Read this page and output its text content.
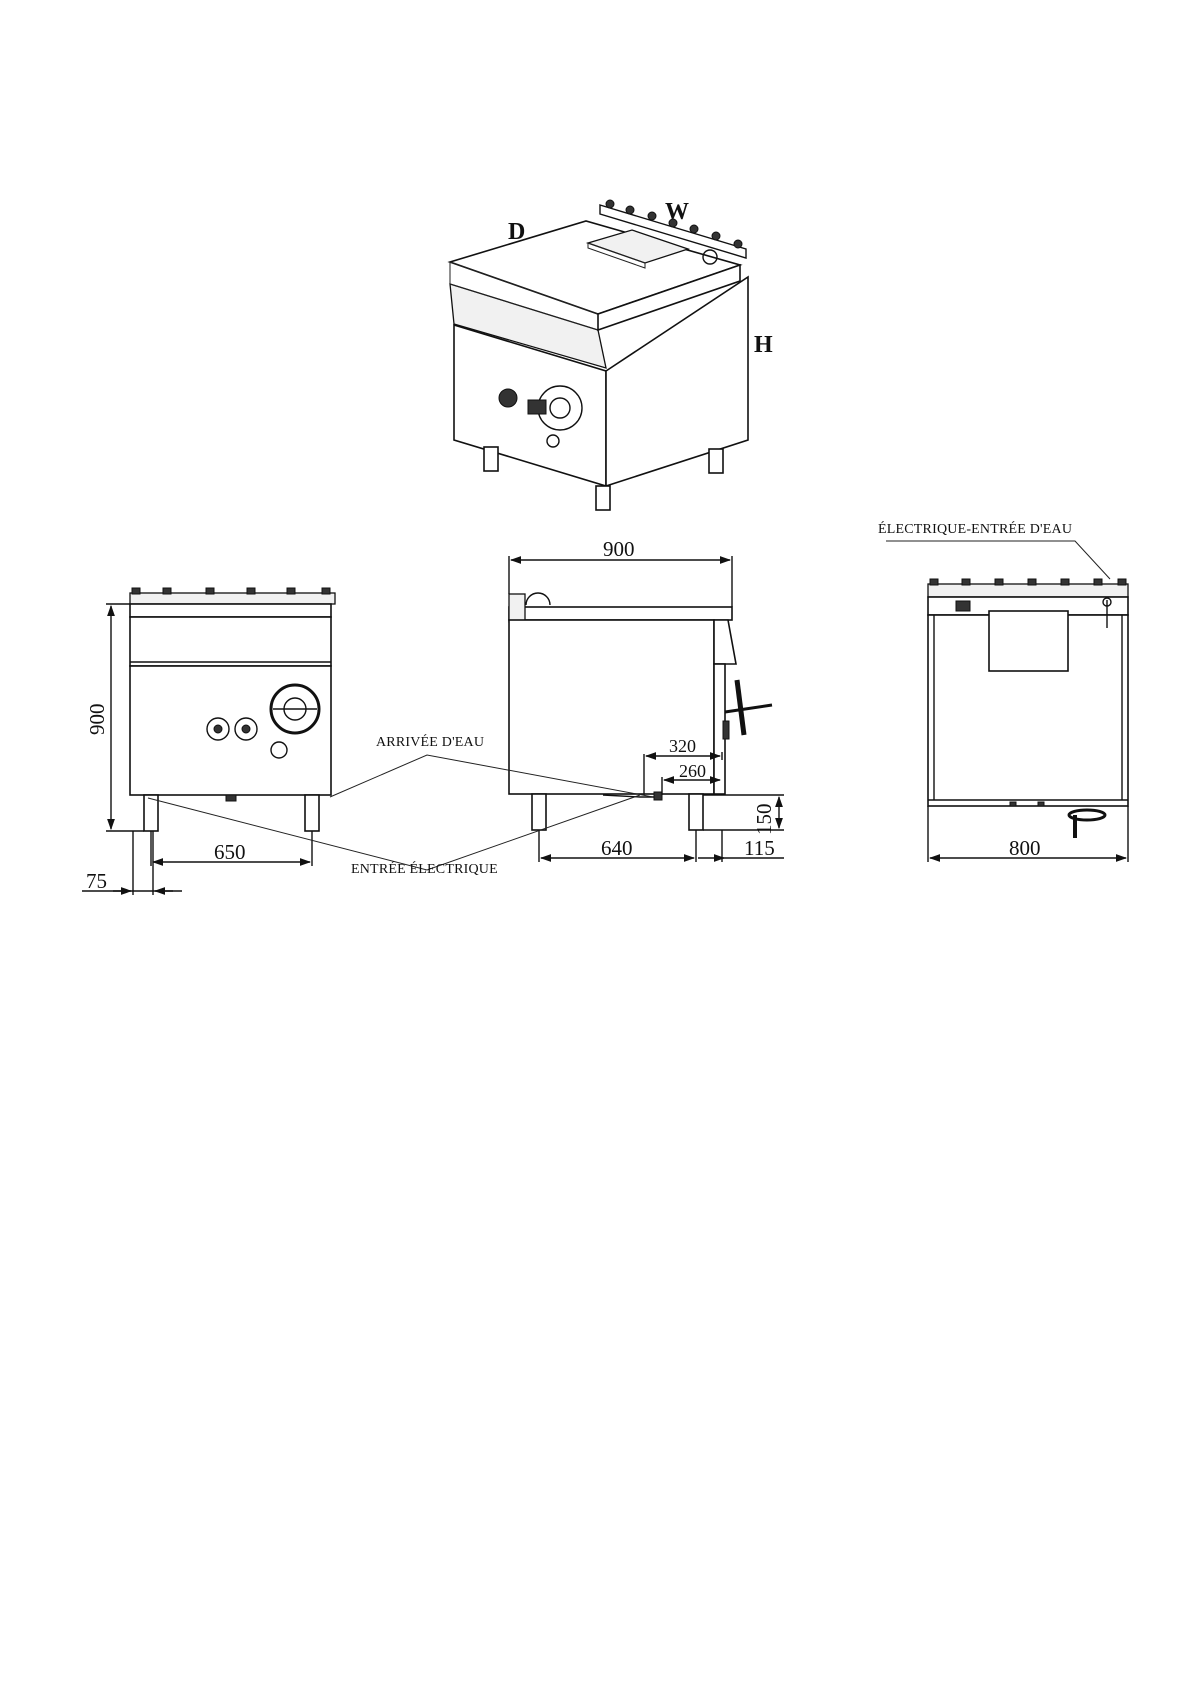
D
W
H
900
650
75
900
320
260
150
640	115
ARRIVÉE D'EAU
ENTRÉE ÉLECTRIQUE
800
ÉLECTRIQUE-ENTRÉE D'EAU
